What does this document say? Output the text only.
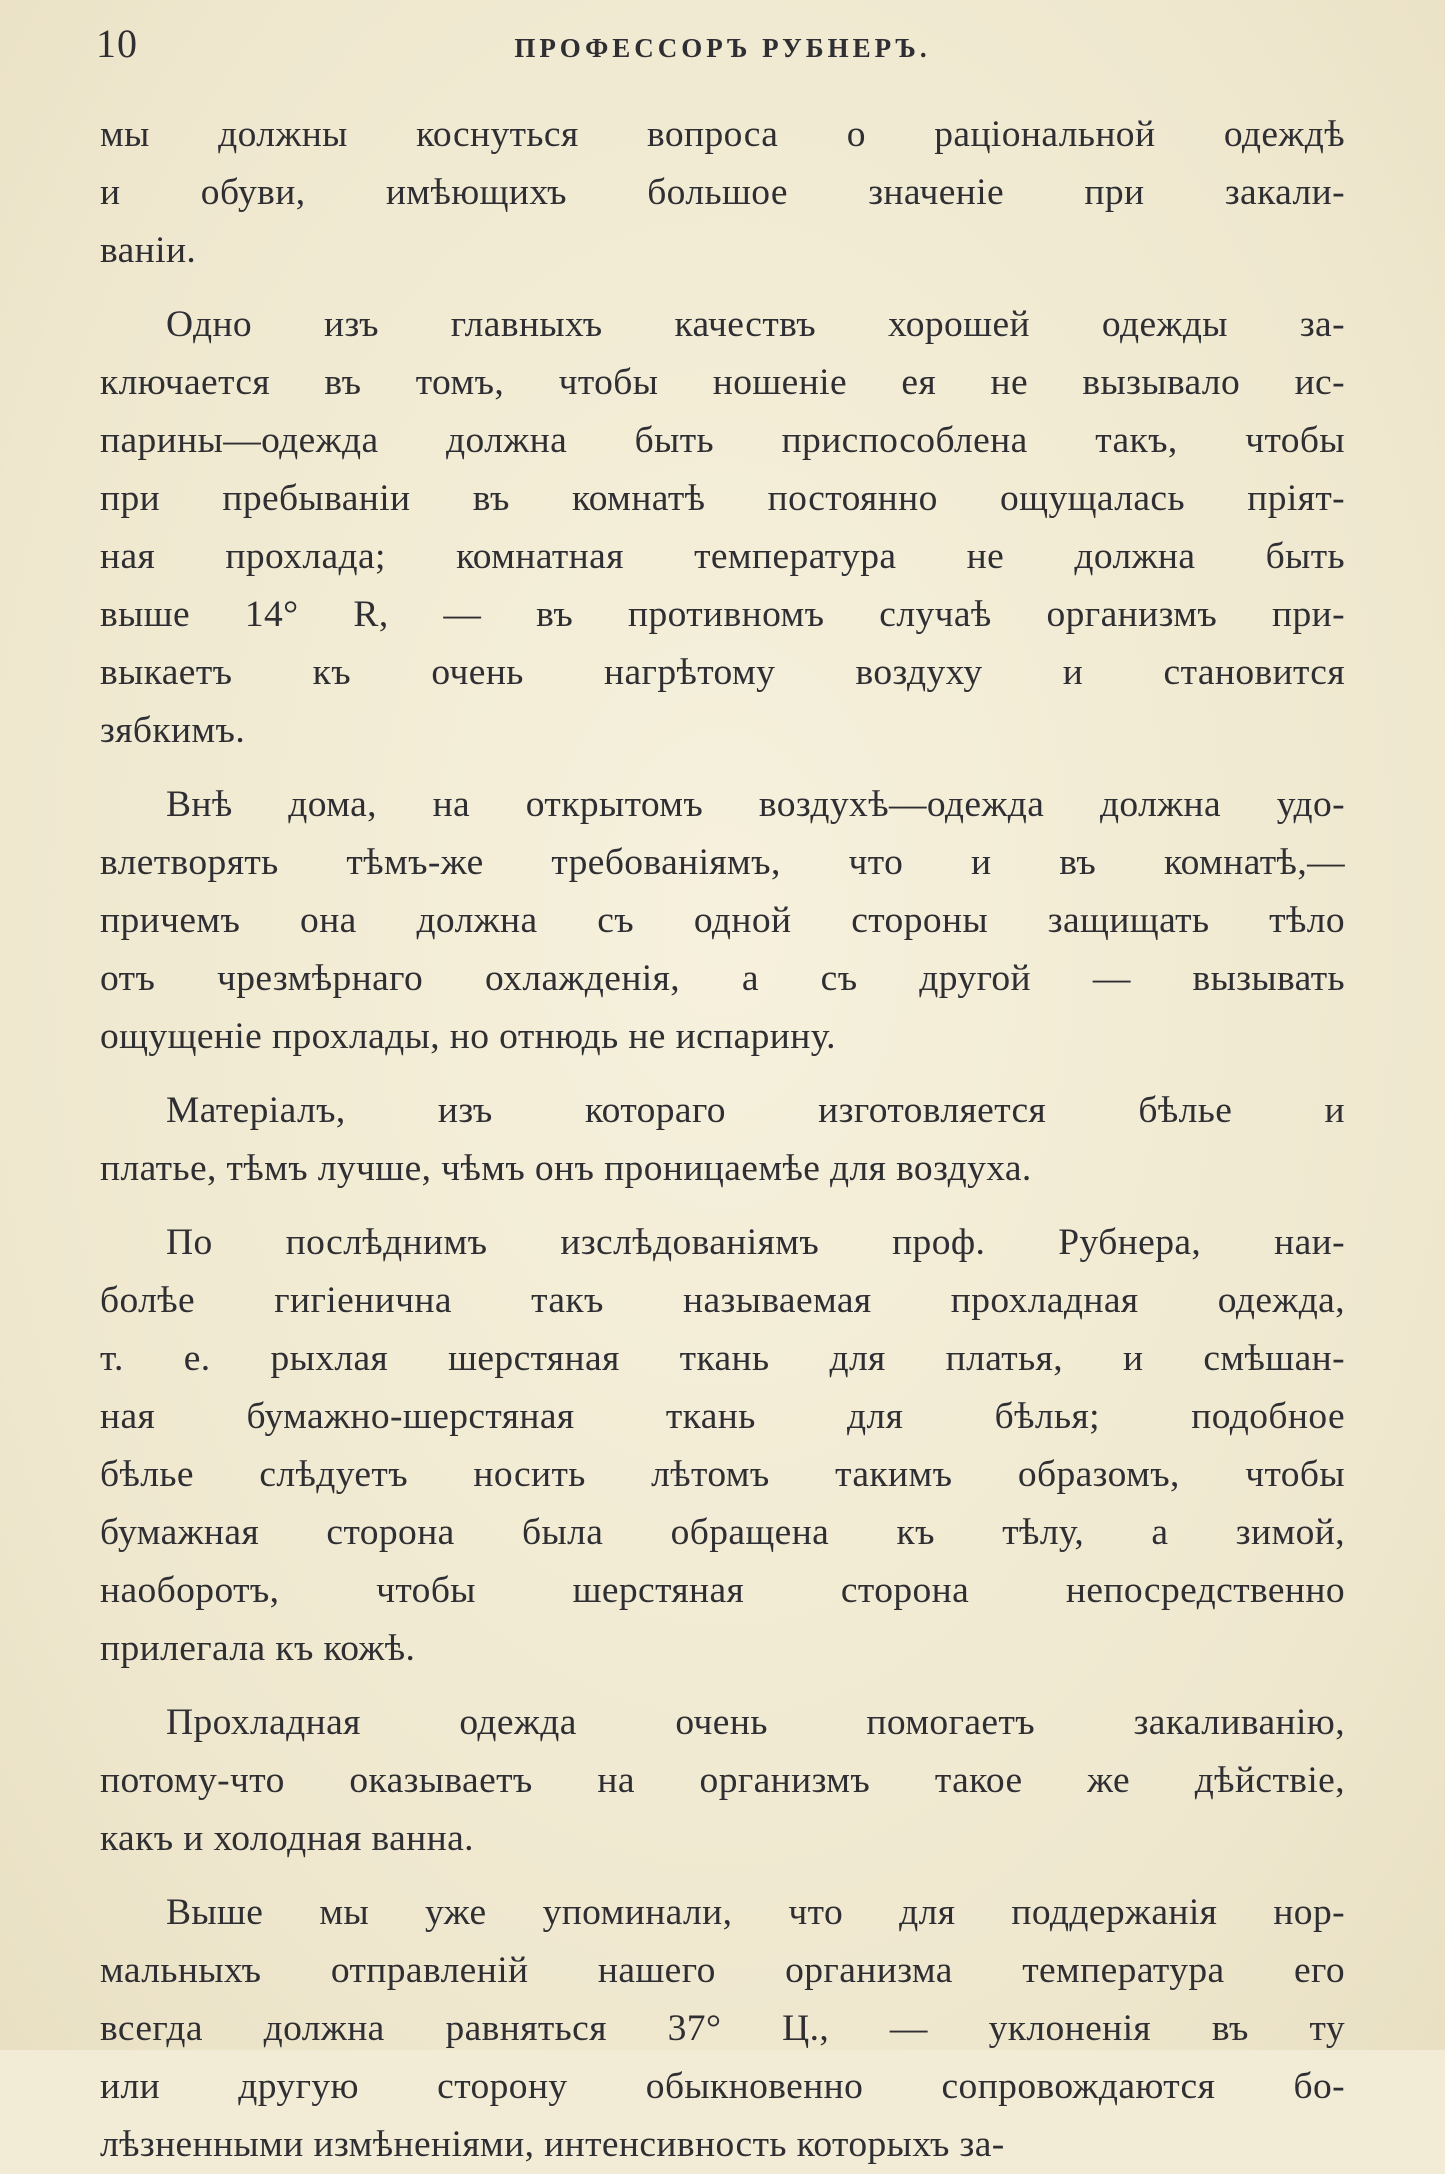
10	ПРОФЕССОРЪ РУБНЕРЪ.
мы должны коснуться вопроса о раціональной одеждѣ
и обуви, имѣющихъ большое значеніе при закали-
ваніи.
Одно изъ главныхъ качествъ хорошей одежды за-
ключается въ томъ, чтобы ношеніе ея не вызывало ис-
парины—одежда должна быть приспособлена такъ, чтобы
при пребываніи въ комнатѣ постоянно ощущалась пріят-
ная прохлада; комнатная температура не должна быть
выше 14° R, — въ противномъ случаѣ организмъ при-
выкаетъ къ очень нагрѣтому воздуху и становится
зябкимъ.
Внѣ дома, на открытомъ воздухѣ—одежда должна удо-
влетворять тѣмъ-же требованіямъ, что и въ комнатѣ,—
причемъ она должна съ одной стороны защищать тѣло
отъ чрезмѣрнаго охлажденія, а съ другой — вызывать
ощущеніе прохлады, но отнюдь не испарину.
Матеріалъ, изъ котораго изготовляется бѣлье и
платье, тѣмъ лучше, чѣмъ онъ проницаемѣе для воздуха.
По послѣднимъ изслѣдованіямъ проф. Рубнера, наи-
болѣе гигіенична такъ называемая прохладная одежда,
т. е. рыхлая шерстяная ткань для платья, и смѣшан-
ная бумажно-шерстяная ткань для бѣлья; подобное
бѣлье слѣдуетъ носить лѣтомъ такимъ образомъ, чтобы
бумажная сторона была обращена къ тѣлу, а зимой,
наоборотъ, чтобы шерстяная сторона непосредственно
прилегала къ кожѣ.
Прохладная одежда очень помогаетъ закаливанію,
потому-что оказываетъ на организмъ такое же дѣйствіе,
какъ и холодная ванна.
Выше мы уже упоминали, что для поддержанія нор-
мальныхъ отправленій нашего организма температура его
всегда должна равняться 37° Ц., — уклоненія въ ту
или другую сторону обыкновенно сопровождаются бо-
лѣзненными измѣненіями, интенсивность которыхъ за-
